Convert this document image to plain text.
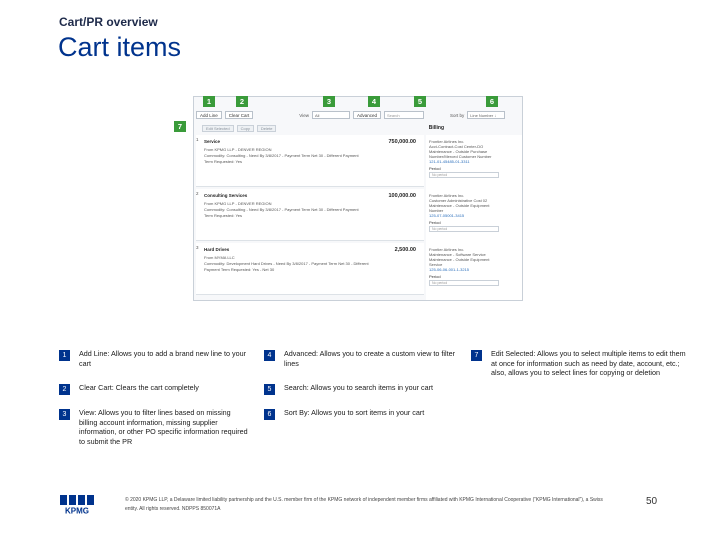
Cart/PR overview
Cart items
Add Line	Clear Cart	View	All	Advanced	Search	Sort by	Line Number ↓
Edit Selected	Copy	Delete	Billing
1 Service	750,000.00
From KPMG LLP - DENVER REGION
Commodity: Consulting - Need By 3/8/2017 - Payment Term Net 30 - Different Payment
Term Requested: Yes
2 Consulting Services	100,000.00
From KPMG LLP - DENVER REGION
Commodity: Consulting - Need By 3/8/2017 - Payment Term Net 30 - Different Payment
Term Requested: Yes
3 Hard Drives	2,500.00
From MYMA LLC
Commodity: Development Hard Drives - Need By 3/8/2017 - Payment Term Net 30 - Different
Payment Term Requested: Yes - Net 30
Frontier Airlines Inc.
Acct-Contract-Cost Center-DO
Maintenance - Outside Purchase
Number/Merced Customer Number
121-01-45485-01-3311
Period
No period
Frontier Airlines Inc.
Customer Administrative Cost 02
Maintenance - Outside Equipment
Number
125-07-05001-3415
Period
No period
Frontier Airlines Inc.
Maintenance - Software Service
Maintenance - Outside Equipment
Service
125-06-06-001-1-3215
Period
No period
1	2	3	4	5	6
7
1	Add Line: Allows you to add a brand new line to your cart
2	Clear Cart: Clears the cart completely
3	View: Allows you to filter lines based on missing billing account information, missing supplier information, or other PO specific information required to submit the PR
4	Advanced: Allows you to create a custom view to filter lines
5	Search: Allows you to search items in your cart
6	Sort By: Allows you to sort items in your cart
7	Edit Selected: Allows you to select multiple items to edit them at once for information such as need by date, account, etc.; also, allows you to select lines for copying or deletion
KPMG
© 2020 KPMG LLP, a Delaware limited liability partnership and the U.S. member firm of the KPMG network of independent member firms affiliated with KPMG International Cooperative (“KPMG International”), a Swiss entity. All rights reserved. NDPPS 850071A
50
